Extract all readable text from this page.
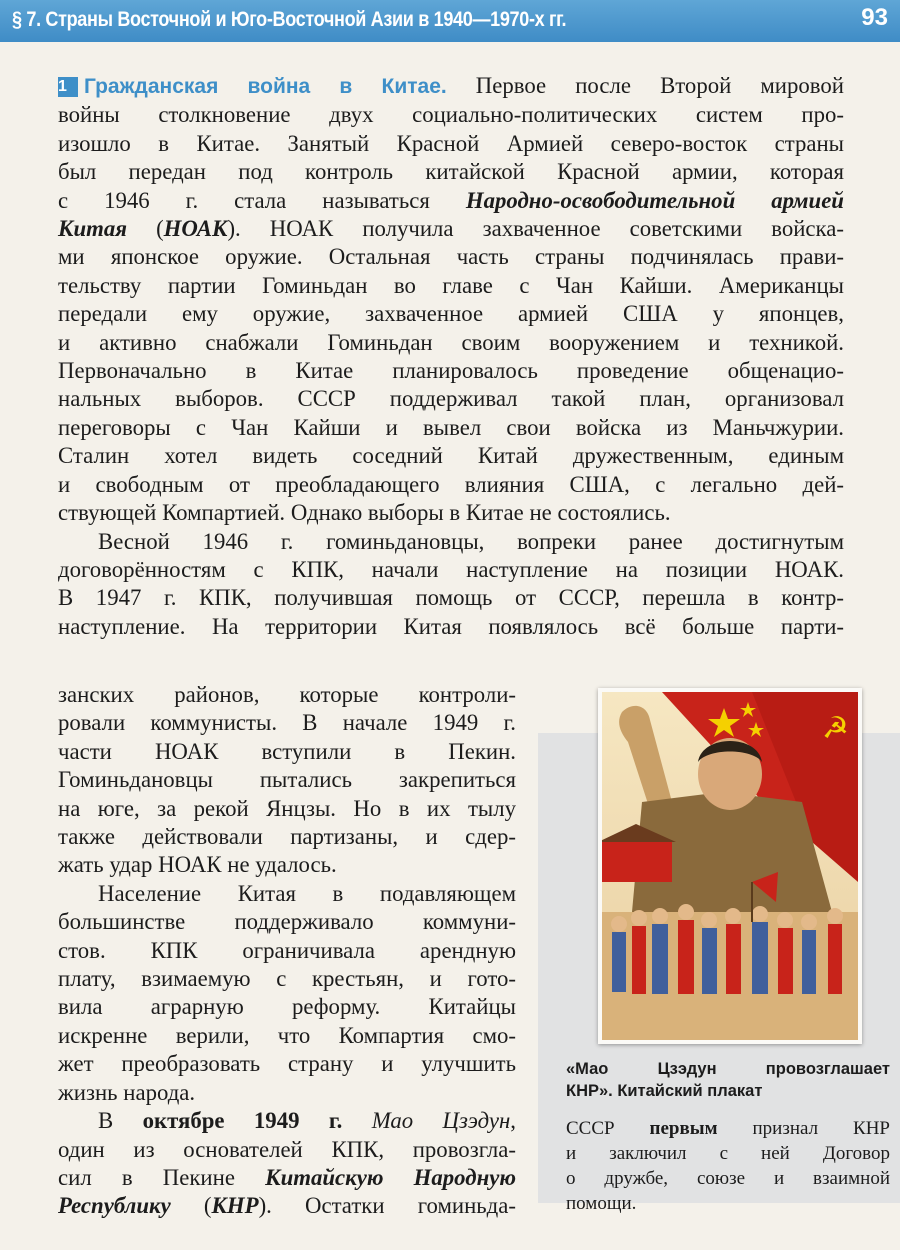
§ 7. Страны Восточной и Юго-Восточной Азии в 1940—1970-х гг.	93
1 Гражданская война в Китае. Первое после Второй мировой
войны столкновение двух социально-политических систем про-
изошло в Китае. Занятый Красной Армией северо-восток страны
был передан под контроль китайской Красной армии, которая
с 1946 г. стала называться Народно-освободительной армией
Китая (НОАК). НОАК получила захваченное советскими войска-
ми японское оружие. Остальная часть страны подчинялась прави-
тельству партии Гоминьдан во главе с Чан Кайши. Американцы
передали ему оружие, захваченное армией США у японцев,
и активно снабжали Гоминьдан своим вооружением и техникой.
Первоначально в Китае планировалось проведение общенацио-
нальных выборов. СССР поддерживал такой план, организовал
переговоры с Чан Кайши и вывел свои войска из Маньчжурии.
Сталин хотел видеть соседний Китай дружественным, единым
и свободным от преобладающего влияния США, с легально дей-
ствующей Компартией. Однако выборы в Китае не состоялись.
Весной 1946 г. гоминьдановцы, вопреки ранее достигнутым
договорённостям с КПК, начали наступление на позиции НОАК.
В 1947 г. КПК, получившая помощь от СССР, перешла в контр-
наступление. На территории Китая появлялось всё больше парти-
☭
занских районов, которые контроли-
ровали коммунисты. В начале 1949 г.
части НОАК вступили в Пекин.
Гоминьдановцы пытались закрепиться
на юге, за рекой Янцзы. Но в их тылу
также действовали партизаны, и сдер-
жать удар НОАК не удалось.
Население Китая в подавляющем
большинстве поддерживало коммуни-
стов. КПК ограничивала арендную
плату, взимаемую с крестьян, и гото-
вила аграрную реформу. Китайцы
искренне верили, что Компартия смо-
жет преобразовать страну и улучшить
жизнь народа.
В октябре 1949 г. Мао Цзэдун,
один из основателей КПК, провозгла-
сил в Пекине Китайскую Народную
Республику (КНР). Остатки гоминьда-
«Мао Цзэдун провозглашает
КНР». Китайский плакат
СССР первым признал КНР
и заключил с ней Договор
о дружбе, союзе и взаимной
помощи.
